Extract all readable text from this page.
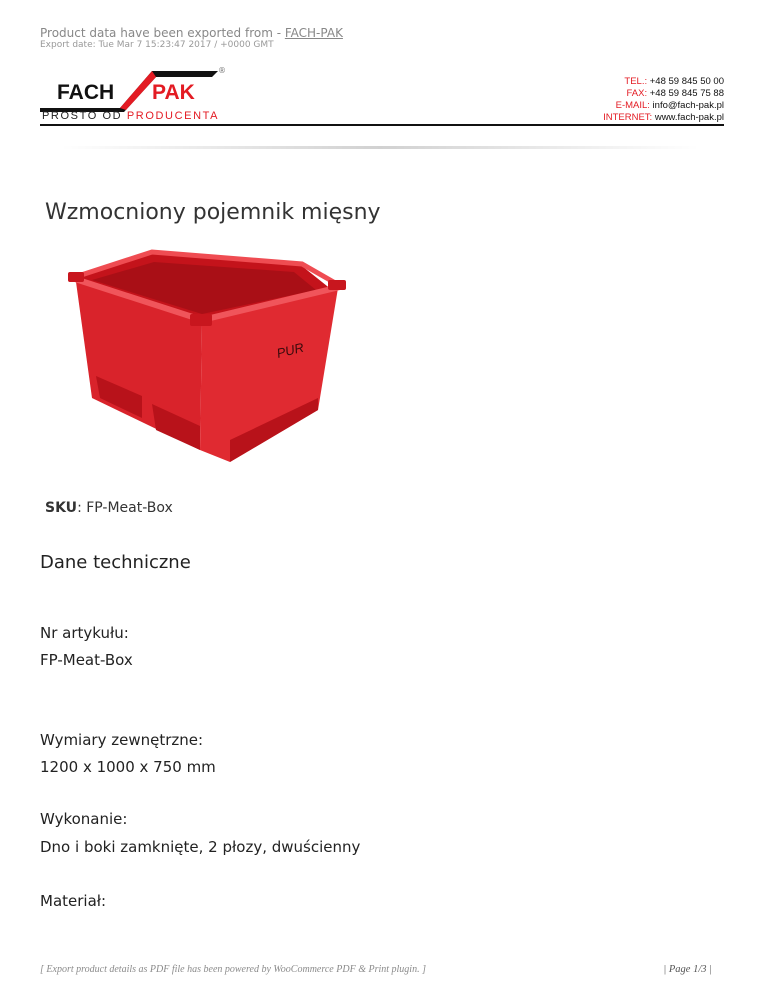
Product data have been exported from - FACH-PAK
Export date: Tue Mar 7 15:23:47 2017 / +0000 GMT
FACH PAK
®
PROSTO OD PRODUCENTA
TEL.: +48 59 845 50 00
FAX: +48 59 845 75 88
E-MAIL: info@fach-pak.pl
INTERNET: www.fach-pak.pl
Wzmocniony pojemnik mięsny
PUR
SKU: FP-Meat-Box
Dane techniczne
Nr artykułu:
FP-Meat-Box
Wymiary zewnętrzne:
1200 x 1000 x 750 mm
Wykonanie:
Dno i boki zamknięte, 2 płozy, dwuścienny
Materiał:
[ Export product details as PDF file has been powered by WooCommerce PDF & Print plugin. ]	| Page 1/3 |
